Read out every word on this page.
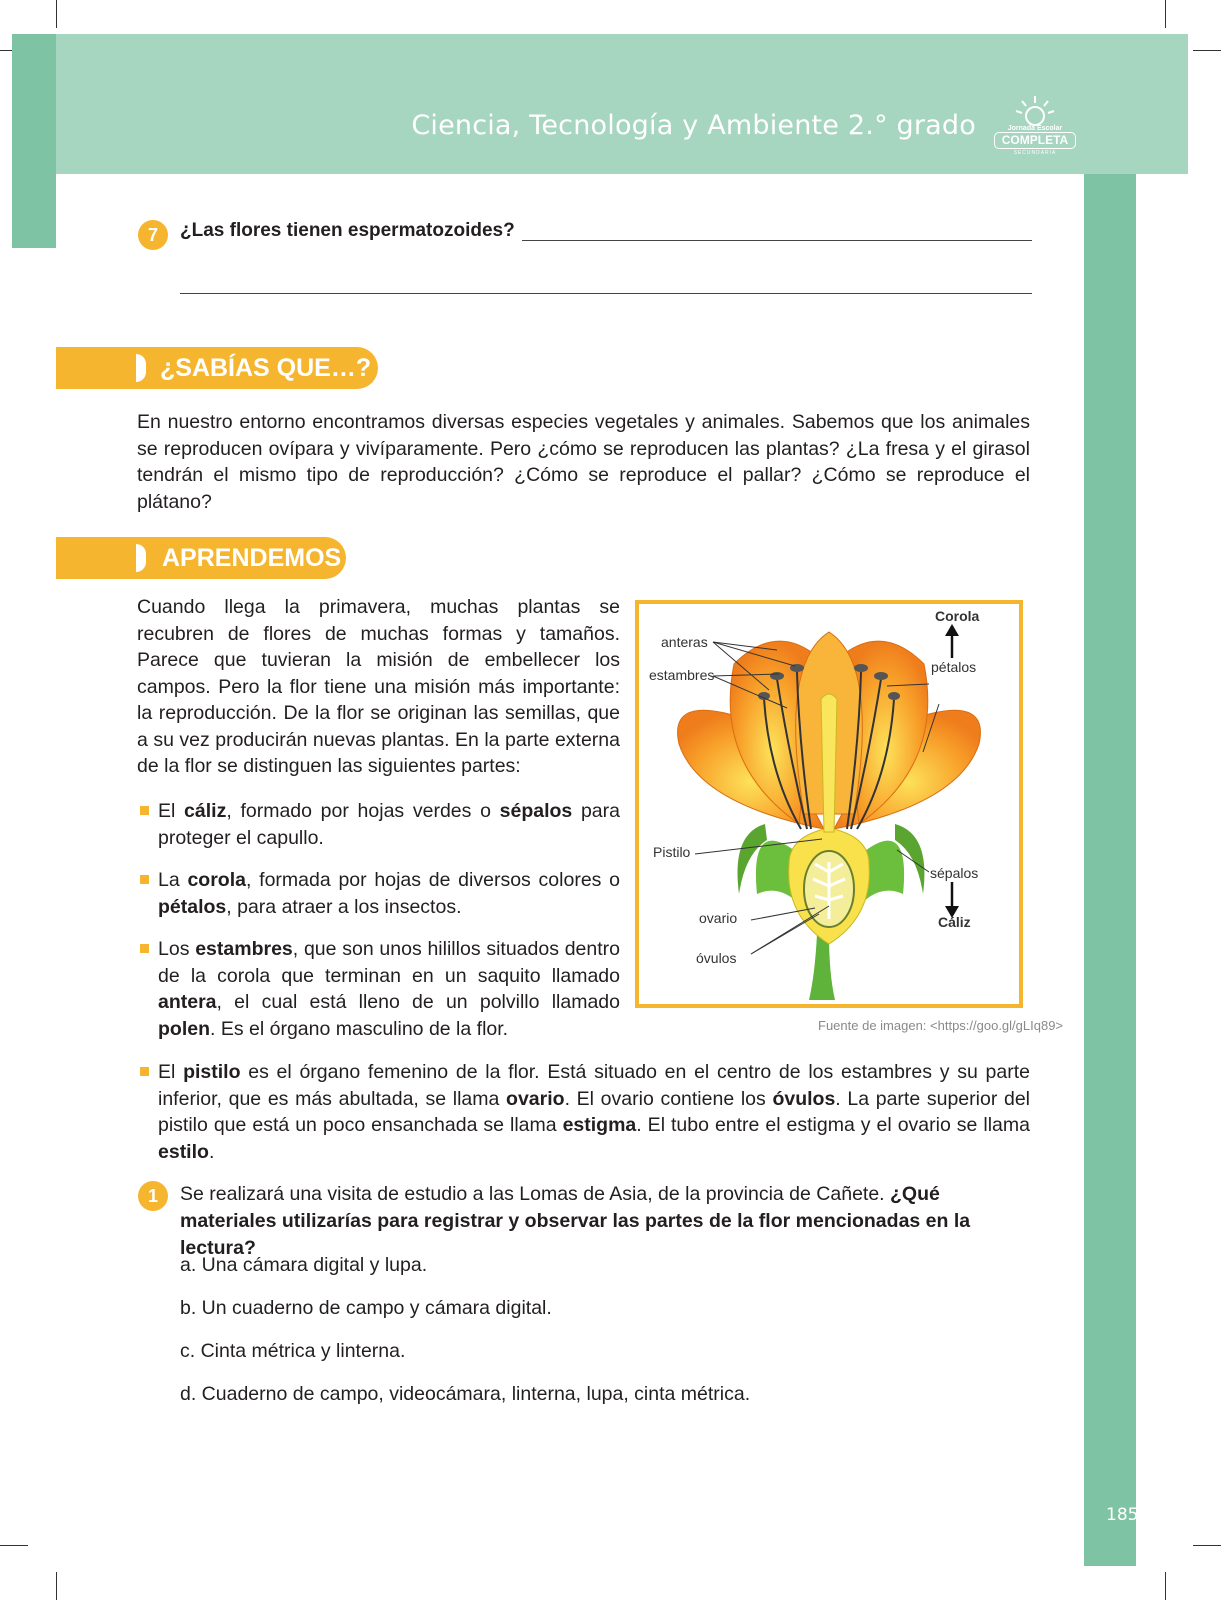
Ciencia, Tecnología y Ambiente 2.° grado	Jornada Escolar
COMPLETA
SECUNDARIA
7	¿Las flores tienen espermatozoides?
¿SABÍAS QUE…?
En nuestro entorno encontramos diversas especies vegetales y animales. Sabemos que los animales se reproducen ovípara y vivíparamente. Pero ¿cómo se reproducen las plantas? ¿La fresa y el girasol tendrán el mismo tipo de reproducción? ¿Cómo se reproduce el pallar? ¿Cómo se reproduce el plátano?
APRENDEMOS
Cuando llega la primavera, muchas plantas se recubren de flores de muchas formas y tamaños. Parece que tuvieran la misión de embellecer los campos. Pero la flor tiene una misión más importante: la reproducción. De la flor se originan las semillas, que a su vez producirán nuevas plantas. En la parte externa de la flor se distinguen las siguientes partes:
El cáliz, formado por hojas verdes o sépalos para proteger el capullo.
La corola, formada por hojas de diversos colores o pétalos, para atraer a los insectos.
Los estambres, que son unos hilillos situados dentro de la corola que terminan en un saquito llamado antera, el cual está lleno de un polvillo llamado polen. Es el órgano masculino de la flor.
El pistilo es el órgano femenino de la flor. Está situado en el centro de los estambres y su parte inferior, que es más abultada, se llama ovario. El ovario contiene los óvulos. La parte superior del pistilo que está un poco ensanchada se llama estigma. El tubo entre el estigma y el ovario se llama estilo.
anteras
estambres
Corola
pétalos
Pistilo
sépalos
Cáliz
ovario
óvulos
Fuente de imagen: <https://goo.gl/gLIq89>
1	Se realizará una visita de estudio a las Lomas de Asia, de la provincia de Cañete. ¿Qué materiales utilizarías para registrar y observar las partes de la flor mencionadas en la lectura?
a. Una cámara digital y lupa.
b. Un cuaderno de campo y cámara digital.
c. Cinta métrica y linterna.
d. Cuaderno de campo, videocámara, linterna, lupa, cinta métrica.
185
